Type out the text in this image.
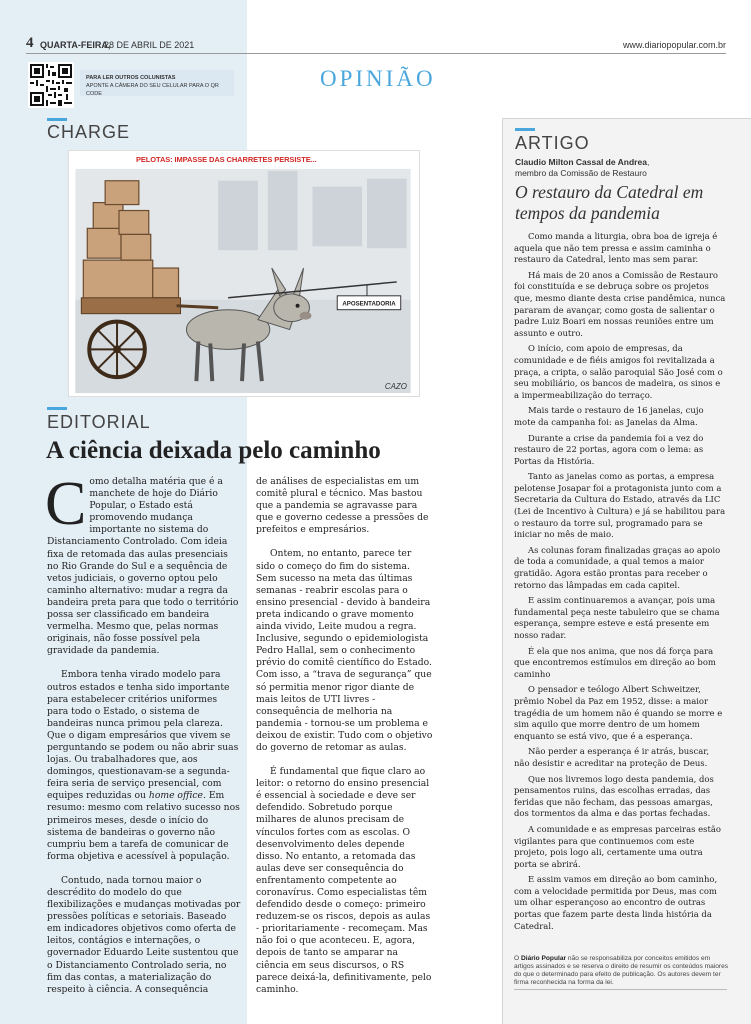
4 QUARTA-FEIRA,
28 DE ABRIL DE 2021	www.diariopopular.com.br
PARA LER OUTROS COLUNISTAS
APONTE A CÂMERA DO SEU CELULAR PARA O QR CODE
OPINIÃO
CHARGE
APOSENTADORIA
CAZO
PELOTAS: IMPASSE DAS CHARRETES PERSISTE...
EDITORIAL
A ciência deixada pelo caminho

Como detalha matéria que é a manchete de hoje do Diário Popular, o Estado está promovendo mudança importante no sistema do Distanciamento Controlado. Com ideia fixa de retomada das aulas presenciais no Rio Grande do Sul e a sequência de vetos judiciais, o governo optou pelo caminho alternativo: mudar a regra da bandeira preta para que todo o território possa ser classificado em bandeira vermelha. Mesmo que, pelas normas originais, não fosse possível pela gravidade da pandemia.

Embora tenha virado modelo para outros estados e tenha sido importante para estabelecer critérios uniformes para todo o Estado, o sistema de bandeiras nunca primou pela clareza. Que o digam empresários que vivem se perguntando se podem ou não abrir suas lojas. Ou trabalhadores que, aos domingos, questionavam-se a segunda-feira seria de serviço presencial, com equipes reduzidas ou home office. Em resumo: mesmo com relativo sucesso nos primeiros meses, desde o início do sistema de bandeiras o governo não cumpriu bem a tarefa de comunicar de forma objetiva e acessível à população.

Contudo, nada tornou maior o descrédito do modelo do que flexibilizações e mudanças motivadas por pressões políticas e setoriais. Baseado em indicadores objetivos como oferta de leitos, contágios e internações, o governador Eduardo Leite sustentou que o Distanciamento Controlado seria, no fim das contas, a materialização do respeito à ciência. A consequência

de análises de especialistas em um comitê plural e técnico. Mas bastou que a pandemia se agravasse para que e governo cedesse a pressões de prefeitos e empresários.

Ontem, no entanto, parece ter sido o começo do fim do sistema. Sem sucesso na meta das últimas semanas - reabrir escolas para o ensino presencial - devido à bandeira preta indicando o grave momento ainda vivido, Leite mudou a regra. Inclusive, segundo o epidemiologista Pedro Hallal, sem o conhecimento prévio do comitê científico do Estado. Com isso, a “trava de segurança” que só permitia menor rigor diante de mais leitos de UTI livres - consequência de melhoria na pandemia - tornou-se um problema e deixou de existir. Tudo com o objetivo do governo de retomar as aulas.

É fundamental que fique claro ao leitor: o retorno do ensino presencial é essencial à sociedade e deve ser defendido. Sobretudo porque milhares de alunos precisam de vínculos fortes com as escolas. O desenvolvimento deles depende disso. No entanto, a retomada das aulas deve ser consequência do enfrentamento competente ao coronavírus. Como especialistas têm defendido desde o começo: primeiro reduzem-se os riscos, depois as aulas - prioritariamente - recomeçam. Mas não foi o que aconteceu. E, agora, depois de tanto se amparar na ciência em seus discursos, o RS parece deixá-la, definitivamente, pelo caminho.

ARTIGO
Claudio Milton Cassal de Andrea,
membro da Comissão de Restauro
O restauro da Catedral em tempos da pandemia

Como manda a liturgia, obra boa de igreja é aquela que não tem pressa e assim caminha o restauro da Catedral, lento mas sem parar.

Há mais de 20 anos a Comissão de Restauro foi constituída e se debruça sobre os projetos que, mesmo diante desta crise pandêmica, nunca pararam de avançar, como gosta de salientar o padre Luiz Boari em nossas reuniões entre um assunto e outro.

O início, com apoio de empresas, da comunidade e de fiéis amigos foi revitalizada a praça, a cripta, o salão paroquial São José com o seu mobiliário, os bancos de madeira, os sinos e a impermeabilização do terraço.

Mais tarde o restauro de 16 janelas, cujo mote da campanha foi: as Janelas da Alma.

Durante a crise da pandemia foi a vez do restauro de 22 portas, agora com o lema: as Portas da História.

Tanto as janelas como as portas, a empresa pelotense Josapar foi a protagonista junto com a Secretaria da Cultura do Estado, através da LIC (Lei de Incentivo à Cultura) e já se habilitou para o restauro da torre sul, programado para se iniciar no mês de maio.

As colunas foram finalizadas graças ao apoio de toda a comunidade, a qual temos a maior gratidão. Agora estão prontas para receber o retorno das lâmpadas em cada capitel.

E assim continuaremos a avançar, pois uma fundamental peça neste tabuleiro que se chama esperança, sempre esteve e está presente em nosso radar.

É ela que nos anima, que nos dá força para que encontremos estímulos em direção ao bom caminho

O pensador e teólogo Albert Schweitzer, prêmio Nobel da Paz em 1952, disse: a maior tragédia de um homem não é quando se morre e sim aquilo que morre dentro de um homem enquanto se está vivo, que é a esperança.

Não perder a esperança é ir atrás, buscar, não desistir e acreditar na proteção de Deus.

Que nos livremos logo desta pandemia, dos pensamentos ruins, das escolhas erradas, das feridas que não fecham, das pessoas amargas, dos tormentos da alma e das portas fechadas.

A comunidade e as empresas parceiras estão vigilantes para que continuemos com este projeto, pois logo ali, certamente uma outra porta se abrirá.

E assim vamos em direção ao bom caminho, com a velocidade permitida por Deus, mas com um olhar esperançoso ao encontro de outras portas que fazem parte desta linda história da Catedral.

O Diário Popular não se responsabiliza por conceitos emitidos em artigos assinados e se reserva o direito de resumir os conteúdos maiores do que o determinado para efeito de publicação. Os autores devem ter firma reconhecida na forma da lei.
